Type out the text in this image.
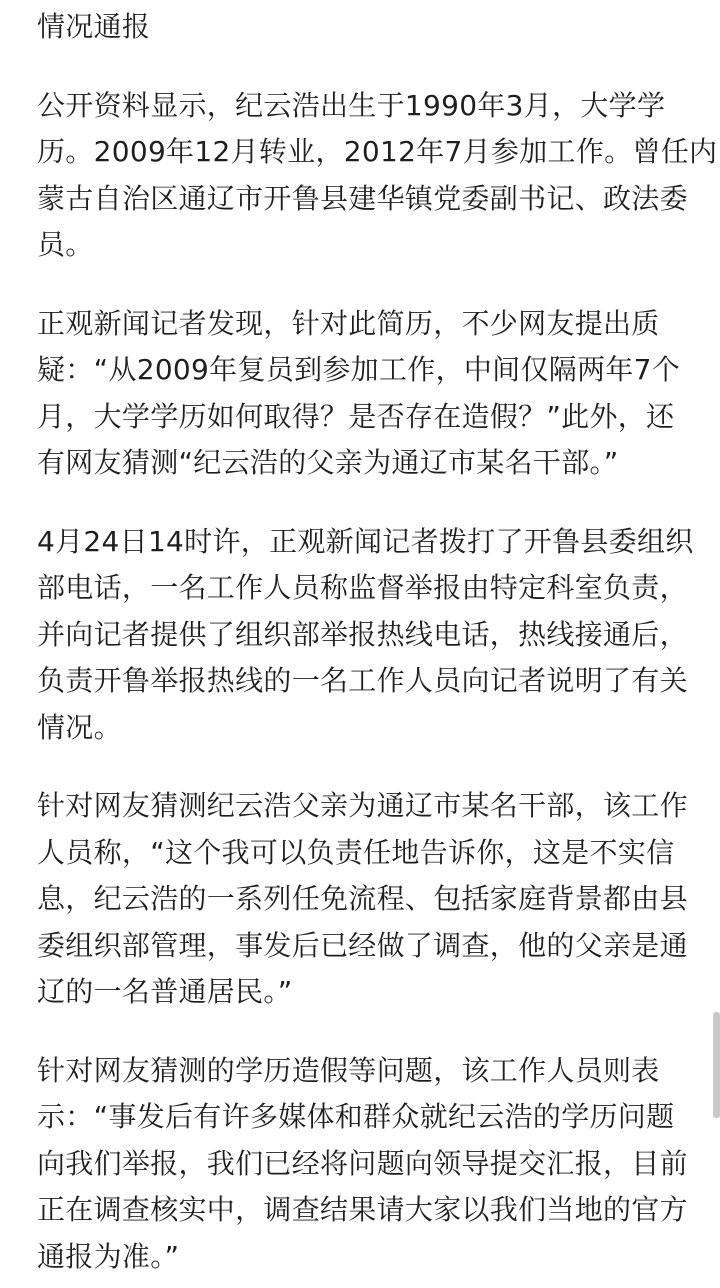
情况通报
公开资料显示，纪云浩出生于1990年3月，大学学
历。2009年12月转业，2012年7月参加工作。曾任内
蒙古自治区通辽市开鲁县建华镇党委副书记、政法委
员。
正观新闻记者发现，针对此简历，不少网友提出质
疑：“从2009年复员到参加工作，中间仅隔两年7个
月，大学学历如何取得？是否存在造假？”此外，还
有网友猜测“纪云浩的父亲为通辽市某名干部。”
4月24日14时许，正观新闻记者拨打了开鲁县委组织
部电话，一名工作人员称监督举报由特定科室负责，
并向记者提供了组织部举报热线电话，热线接通后，
负责开鲁举报热线的一名工作人员向记者说明了有关
情况。
针对网友猜测纪云浩父亲为通辽市某名干部，该工作
人员称，“这个我可以负责任地告诉你，这是不实信
息，纪云浩的一系列任免流程、包括家庭背景都由县
委组织部管理，事发后已经做了调查，他的父亲是通
辽的一名普通居民。”
针对网友猜测的学历造假等问题，该工作人员则表
示：“事发后有许多媒体和群众就纪云浩的学历问题
向我们举报，我们已经将问题向领导提交汇报，目前
正在调查核实中，调查结果请大家以我们当地的官方
通报为准。”
